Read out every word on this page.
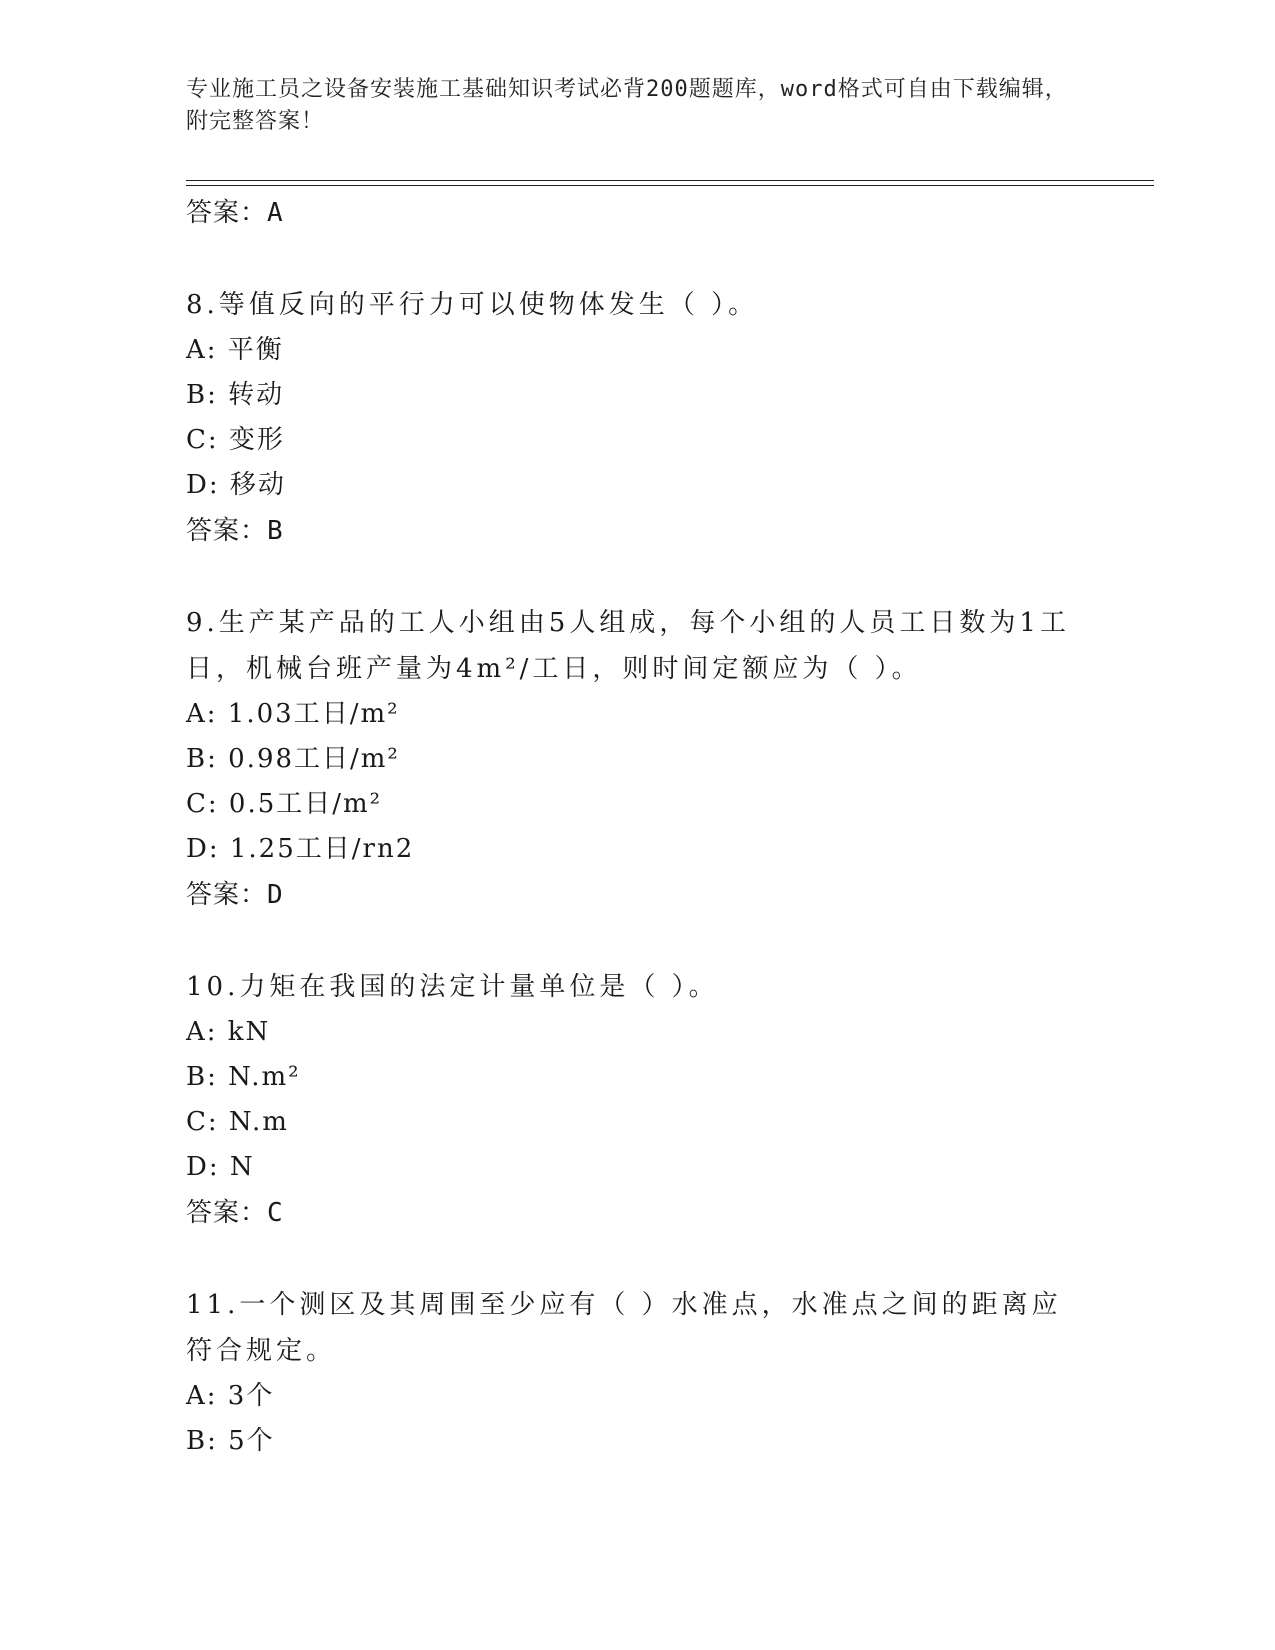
专业施工员之设备安装施工基础知识考试必背200题题库，word格式可自由下载编辑，附完整答案！
答案：A
8.等值反向的平行力可以使物体发生（ ）。
A: 平衡
B: 转动
C: 变形
D: 移动
答案：B
9.生产某产品的工人小组由5人组成，每个小组的人员工日数为1工日，机械台班产量为4m²/工日，则时间定额应为（ ）。
A: 1.03工日/m²
B: 0.98工日/m²
C: 0.5工日/m²
D: 1.25工日/rn2
答案：D
10.力矩在我国的法定计量单位是（ ）。
A: kN
B: N.m²
C: N.m
D: N
答案：C
11.一个测区及其周围至少应有（ ）水准点，水准点之间的距离应符合规定。
A: 3个
B: 5个
